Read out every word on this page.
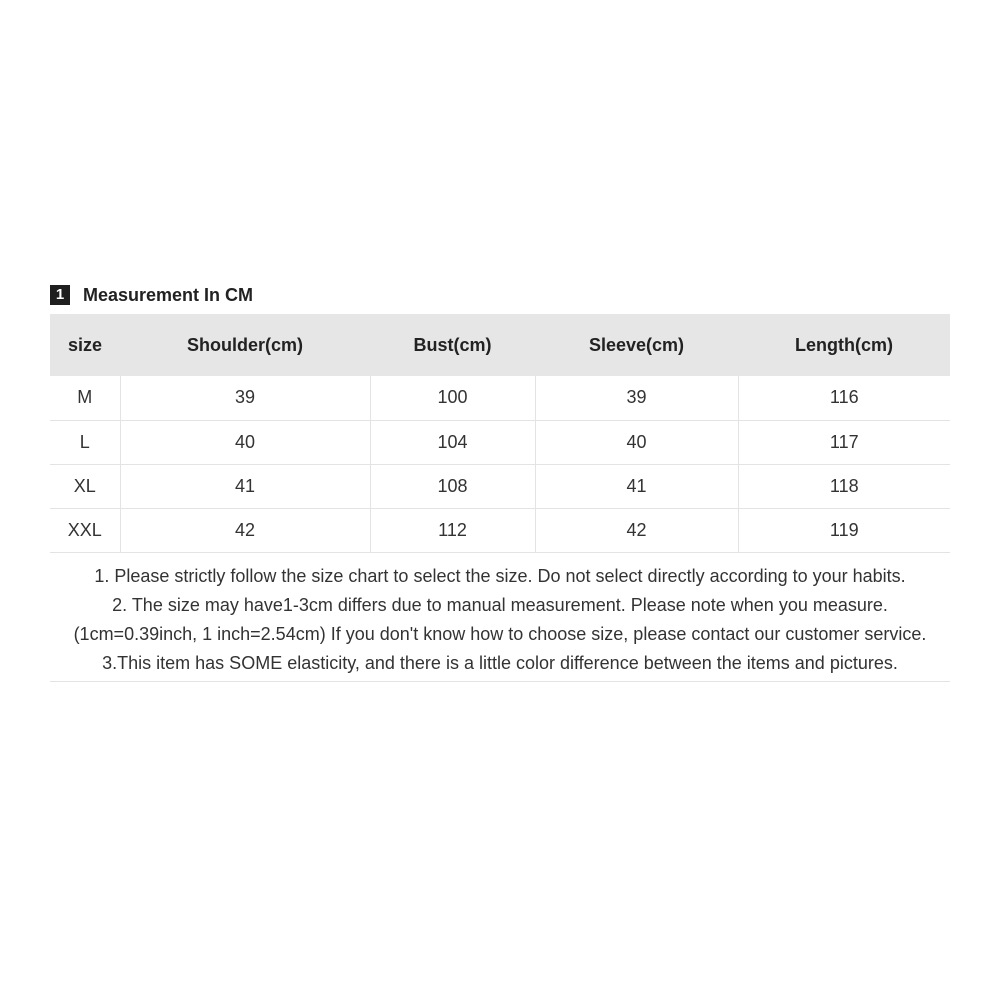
1	Measurement In CM
size	Shoulder(cm)	Bust(cm)	Sleeve(cm)	Length(cm)
M	39	100	39	116
L	40	104	40	117
XL	41	108	41	118
XXL	42	112	42	119

1. Please strictly follow the size chart to select the size. Do not select directly according to your habits.

2. The size may have1-3cm differs due to manual measurement. Please note when you measure.

(1cm=0.39inch, 1 inch=2.54cm) If you don't know how to choose size, please contact our customer service.

3.This item has SOME elasticity, and there is a little color difference between the items and pictures.
